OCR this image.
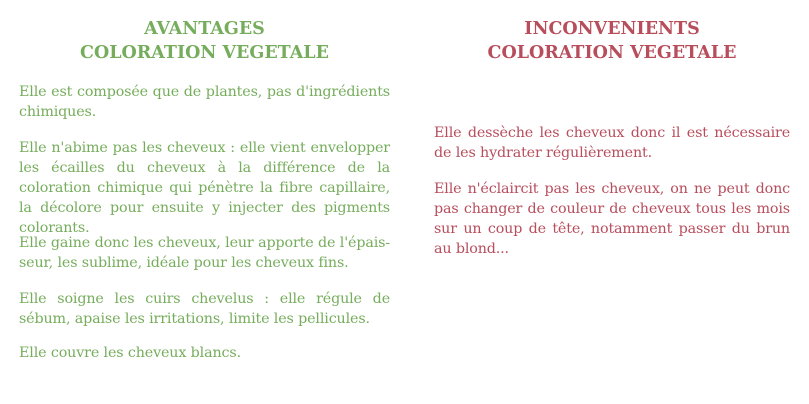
AVANTAGES
COLORATION VEGETALE

Elle est composée que de plantes, pas d'ingrédients chimiques.

Elle n'abime pas les cheveux : elle vient envelopper les écailles du cheveux à la différence de la coloration chimique qui pénètre la fibre capillaire, la décolore pour ensuite y injecter des pigments colorants.

Elle gaine donc les cheveux, leur apporte de l'épais-seur, les sublime, idéale pour les cheveux fins.

Elle soigne les cuirs chevelus : elle régule de sébum, apaise les irritations, limite les pellicules.

Elle couvre les cheveux blancs.

INCONVENIENTS
COLORATION VEGETALE

Elle dessèche les cheveux donc il est nécessaire de les hydrater régulièrement.

Elle n'éclaircit pas les cheveux, on ne peut donc pas changer de couleur de cheveux tous les mois sur un coup de tête, notamment passer du brun au blond...
